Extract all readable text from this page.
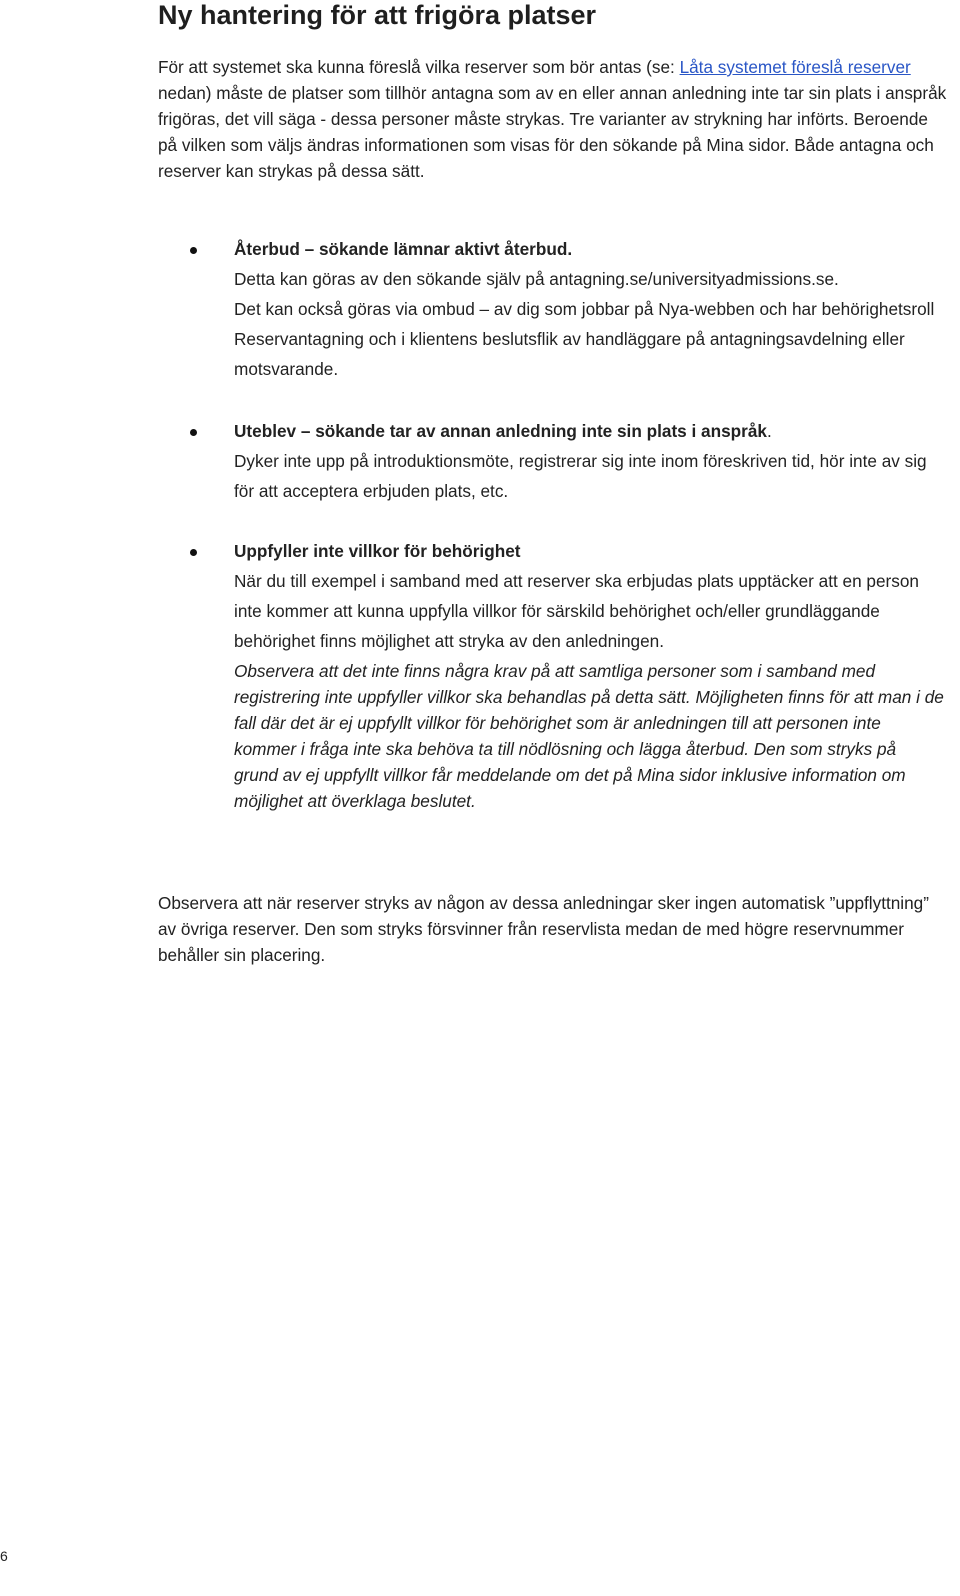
Ny hantering för att frigöra platser

För att systemet ska kunna föreslå vilka reserver som bör antas (se: Låta systemet föreslå reserver nedan) måste de platser som tillhör antagna som av en eller annan anledning inte tar sin plats i anspråk frigöras, det vill säga - dessa personer måste strykas. Tre varianter av strykning har införts. Beroende på vilken som väljs ändras informationen som visas för den sökande på Mina sidor. Både antagna och reserver kan strykas på dessa sätt.

Återbud – sökande lämnar aktivt återbud.
Detta kan göras av den sökande själv på antagning.se/universityadmissions.se.
Det kan också göras via ombud – av dig som jobbar på Nya-webben och har behörighetsroll Reservantagning och i klientens beslutsflik av handläggare på antagningsavdelning eller motsvarande.
Uteblev – sökande tar av annan anledning inte sin plats i anspråk.
Dyker inte upp på introduktionsmöte, registrerar sig inte inom föreskriven tid, hör inte av sig för att acceptera erbjuden plats, etc.
Uppfyller inte villkor för behörighet
När du till exempel i samband med att reserver ska erbjudas plats upptäcker att en person inte kommer att kunna uppfylla villkor för särskild behörighet och/eller grundläggande behörighet finns möjlighet att stryka av den anledningen.
Observera att det inte finns några krav på att samtliga personer som i samband med registrering inte uppfyller villkor ska behandlas på detta sätt. Möjligheten finns för att man i de fall där det är ej uppfyllt villkor för behörighet som är anledningen till att personen inte kommer i fråga inte ska behöva ta till nödlösning och lägga återbud. Den som stryks på grund av ej uppfyllt villkor får meddelande om det på Mina sidor inklusive information om möjlighet att överklaga beslutet.

Observera att när reserver stryks av någon av dessa anledningar sker ingen automatisk ”uppflyttning” av övriga reserver. Den som stryks försvinner från reservlista medan de med högre reservnummer behåller sin placering.

6
